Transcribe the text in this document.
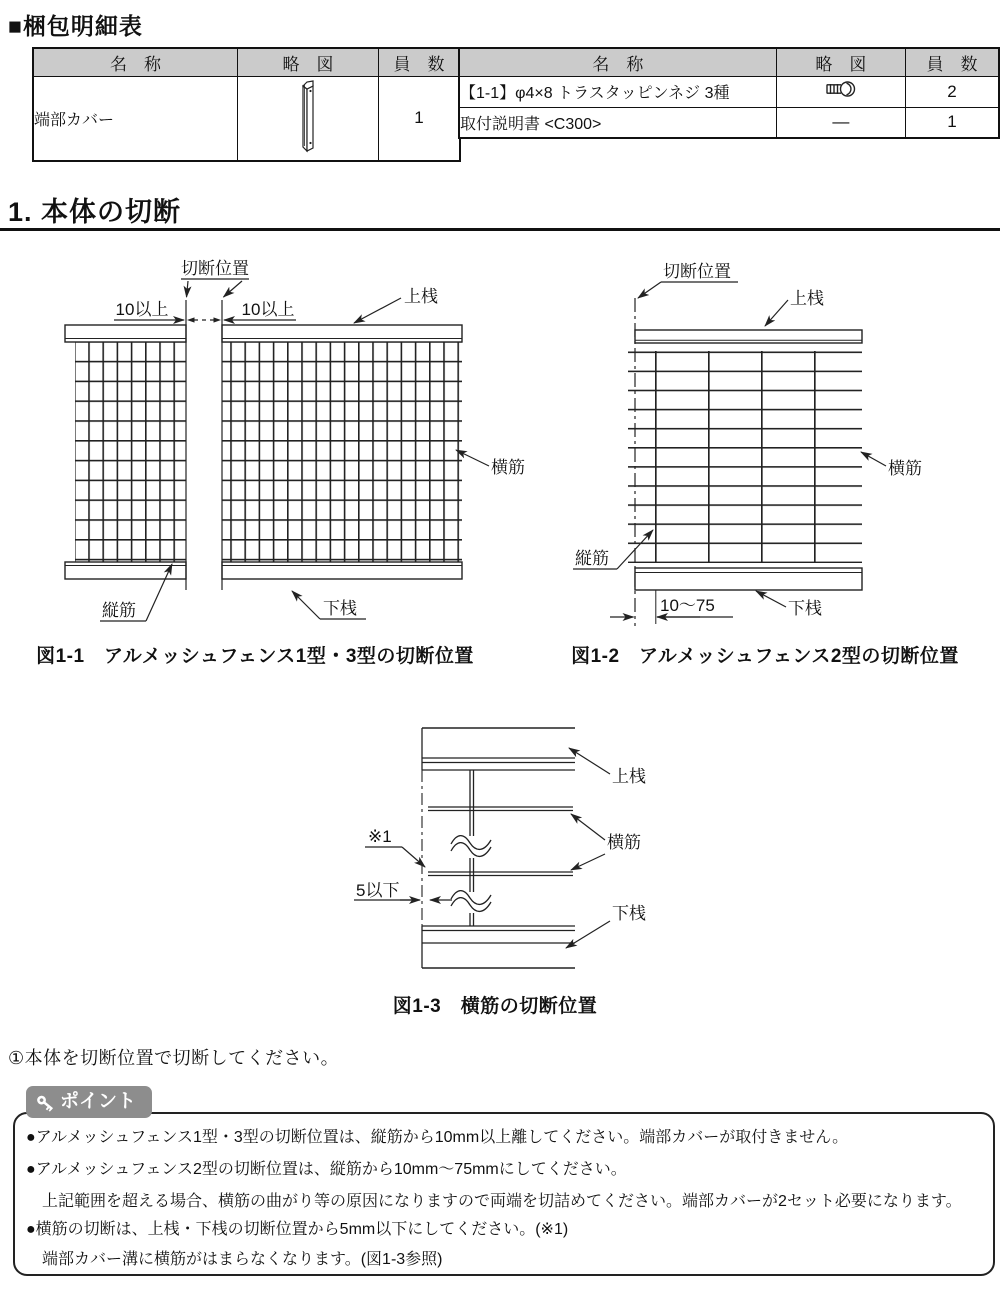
■梱包明細表
名　称	略　図	員　数
端部カバー		1
名　称	略　図	員　数
【1-1】φ4×8 トラスタッピンネジ 3種		2
取付説明書 <C300>	―	1
1. 本体の切断
切断位置
10以上	10以上
上桟
横筋
縦筋	下桟
図1-1　アルメッシュフェンス1型・3型の切断位置
切断位置
上桟
横筋
縦筋
下桟
10～75
図1-2　アルメッシュフェンス2型の切断位置
※1
5以下
上桟
横筋
下桟
図1-3　横筋の切断位置
①本体を切断位置で切断してください。
ポイント
●アルメッシュフェンス1型・3型の切断位置は、縦筋から10mm以上離してください。端部カバーが取付きません。
●アルメッシュフェンス2型の切断位置は、縦筋から10mm～75mmにしてください。
上記範囲を超える場合、横筋の曲がり等の原因になりますので両端を切詰めてください。端部カバーが2セット必要になります。
●横筋の切断は、上桟・下桟の切断位置から5mm以下にしてください。(※1)
端部カバー溝に横筋がはまらなくなります。(図1-3参照)
